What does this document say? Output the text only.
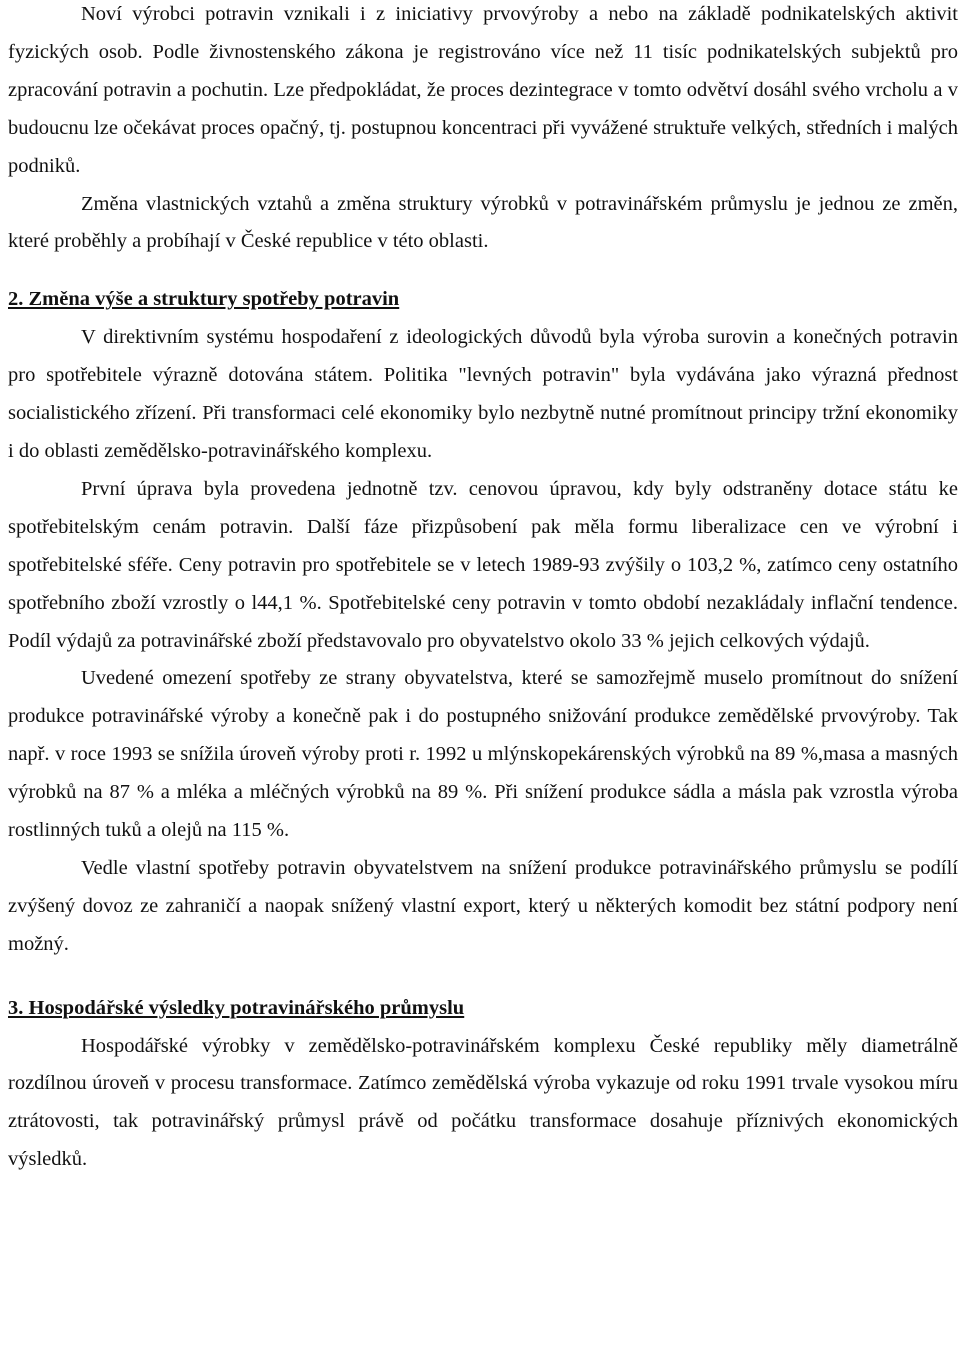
Noví výrobci potravin vznikali i z iniciativy prvovýroby a nebo na základě podnikatelských aktivit fyzických osob. Podle živnostenského zákona je registrováno více než 11 tisíc podnikatelských subjektů pro zpracování potravin a pochutin. Lze předpokládat, že proces dezintegrace v tomto odvětví dosáhl svého vrcholu a v budoucnu lze očekávat proces opačný, tj. postupnou koncentraci při vyvážené struktuře velkých, středních i malých podniků.

Změna vlastnických vztahů a změna struktury výrobků v potravinářském průmyslu je jednou ze změn, které proběhly a probíhají v České republice v této oblasti.

2. Změna výše a struktury spotřeby potravin

V direktivním systému hospodaření z ideologických důvodů byla výroba surovin a konečných potravin pro spotřebitele výrazně dotována státem. Politika "levných potravin" byla vydávána jako výrazná přednost socialistického zřízení. Při transformaci celé ekonomiky bylo nezbytně nutné promítnout principy tržní ekonomiky i do oblasti zemědělsko-potravinářského komplexu.

První úprava byla provedena jednotně tzv. cenovou úpravou, kdy byly odstraněny dotace státu ke spotřebitelským cenám potravin. Další fáze přizpůsobení pak měla formu liberalizace cen ve výrobní i spotřebitelské sféře. Ceny potravin pro spotřebitele se v letech 1989-93 zvýšily o 103,2 %, zatímco ceny ostatního spotřebního zboží vzrostly o l44,1 %. Spotřebitelské ceny potravin v tomto období nezakládaly inflační tendence. Podíl výdajů za potravinářské zboží představovalo pro obyvatelstvo okolo 33 % jejich celkových výdajů.

Uvedené omezení spotřeby ze strany obyvatelstva, které se samozřejmě muselo promítnout do snížení produkce potravinářské výroby a konečně pak i do postupného snižování produkce zemědělské prvovýroby. Tak např. v roce 1993 se snížila úroveň výroby proti r. 1992 u mlýnskopekárenských výrobků na 89 %,masa a masných výrobků na 87 % a mléka a mléčných výrobků na 89 %. Při snížení produkce sádla a másla pak vzrostla výroba rostlinných tuků a olejů na 115 %.

Vedle vlastní spotřeby potravin obyvatelstvem na snížení produkce potravinářského průmyslu se podílí zvýšený dovoz ze zahraničí a naopak snížený vlastní export, který u některých komodit bez státní podpory není možný.

3. Hospodářské výsledky potravinářského průmyslu

Hospodářské výrobky v zemědělsko-potravinářském komplexu České republiky měly diametrálně rozdílnou úroveň v procesu transformace. Zatímco zemědělská výroba vykazuje od roku 1991 trvale vysokou míru ztrátovosti, tak potravinářský průmysl právě od počátku transformace dosahuje příznivých ekonomických výsledků.
